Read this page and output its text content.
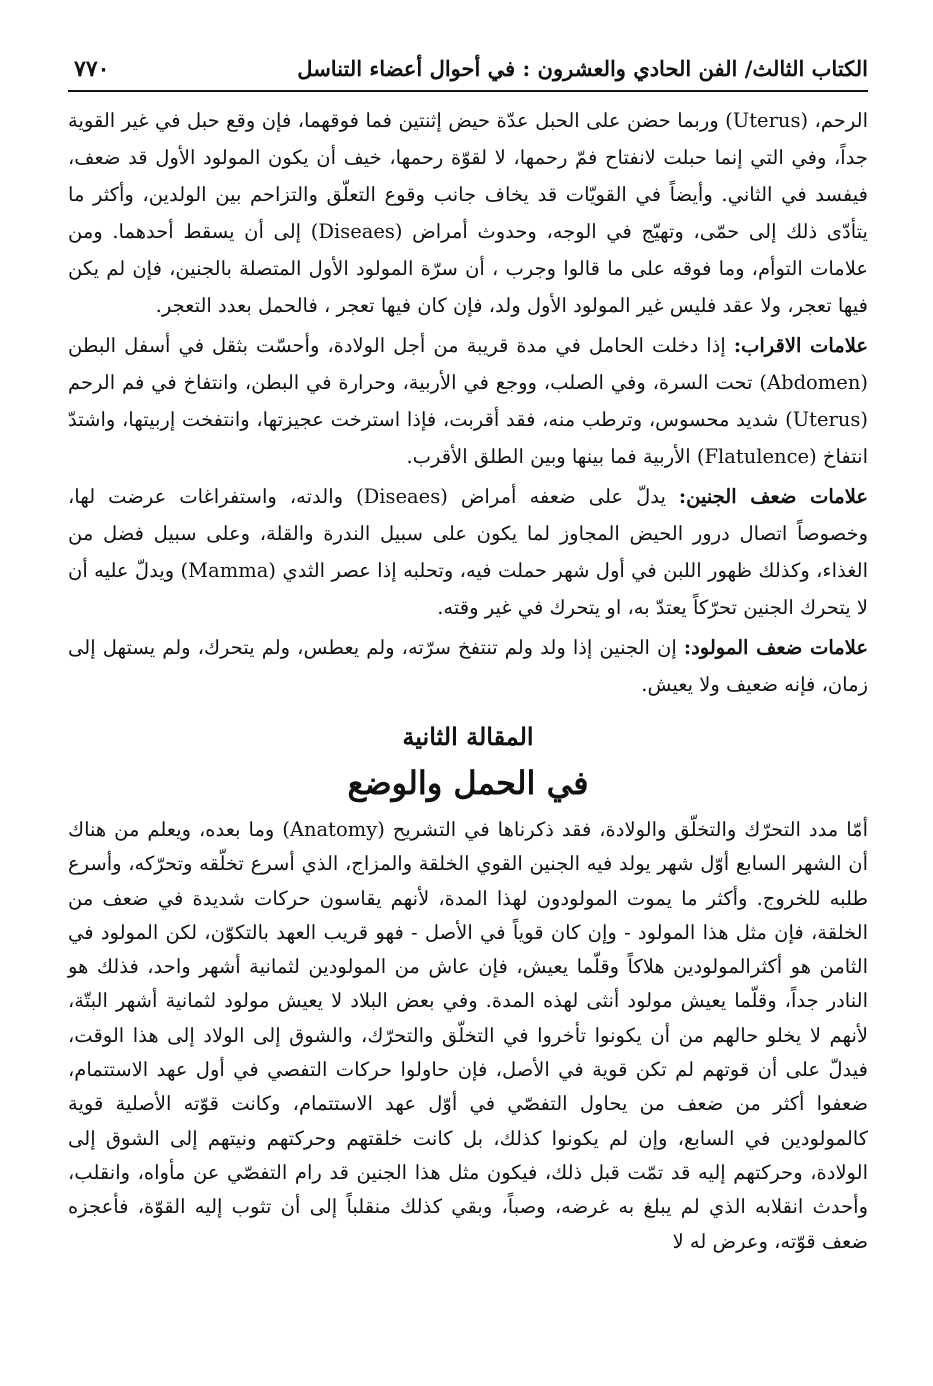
الكتاب الثالث/ الفن الحادي والعشرون : في أحوال أعضاء التناسل
٧٧٠

الرحم، (Uterus) وربما حضن على الحبل عدّة حيض إثنتين فما فوقهما، فإن وقع حبل في غير القوية جداً، وفي التي إنما حبلت لانفتاح فمّ رحمها، لا لقوّة رحمها، خيف أن يكون المولود الأول قد ضعف، فيفسد في الثاني. وأيضاً في القويّات قد يخاف جانب وقوع التعلّق والتزاحم بين الولدين، وأكثر ما يتأدّى ذلك إلى حمّى، وتهيّج في الوجه، وحدوث أمراض (Diseaes) إلى أن يسقط أحدهما. ومن علامات التوأم، وما فوقه على ما قالوا وجرب ، أن سرّة المولود الأول المتصلة بالجنين، فإن لم يكن فيها تعجر، ولا عقد فليس غير المولود الأول ولد، فإن كان فيها تعجر ، فالحمل بعدد التعجر.

علامات الاقراب: إذا دخلت الحامل في مدة قريبة من أجل الولادة، وأحسّت بثقل في أسفل البطن (Abdomen) تحت السرة، وفي الصلب، ووجع في الأربية، وحرارة في البطن، وانتفاخ في فم الرحم (Uterus) شديد محسوس، وترطب منه، فقد أقربت، فإذا استرخت عجيزتها، وانتفخت إربيتها، واشتدّ انتفاخ (Flatulence) الأربية فما بينها وبين الطلق الأقرب.

علامات ضعف الجنين: يدلّ على ضعفه أمراض (Diseaes) والدته، واستفراغات عرضت لها، وخصوصاً اتصال درور الحيض المجاوز لما يكون على سبيل الندرة والقلة، وعلى سبيل فضل من الغذاء، وكذلك ظهور اللبن في أول شهر حملت فيه، وتحلبه إذا عصر الثدي (Mamma) ويدلّ عليه أن لا يتحرك الجنين تحرّكاً يعتدّ به، او يتحرك في غير وقته.

علامات ضعف المولود: إن الجنين إذا ولد ولم تنتفخ سرّته، ولم يعطس، ولم يتحرك، ولم يستهل إلى زمان، فإنه ضعيف ولا يعيش.

المقالة الثانية
في الحمل والوضع

أمّا مدد التحرّك والتخلّق والولادة، فقد ذكرناها في التشريح (Anatomy) وما بعده، ويعلم من هناك أن الشهر السابع أوّل شهر يولد فيه الجنين القوي الخلقة والمزاج، الذي أسرع تخلّقه وتحرّكه، وأسرع طلبه للخروج. وأكثر ما يموت المولودون لهذا المدة، لأنهم يقاسون حركات شديدة في ضعف من الخلقة، فإن مثل هذا المولود - وإن كان قوياً في الأصل - فهو قريب العهد بالتكوّن، لكن المولود في الثامن هو أكثرالمولودين هلاكاً وقلّما يعيش، فإن عاش من المولودين لثمانية أشهر واحد، فذلك هو النادر جداً، وقلّما يعيش مولود أنثى لهذه المدة. وفي بعض البلاد لا يعيش مولود لثمانية أشهر البتّة، لأنهم لا يخلو حالهم من أن يكونوا تأخروا في التخلّق والتحرّك، والشوق إلى الولاد إلى هذا الوقت، فيدلّ على أن قوتهم لم تكن قوية في الأصل، فإن حاولوا حركات التفصي في أول عهد الاستتمام، ضعفوا أكثر من ضعف من يحاول التفصّي في أوّل عهد الاستتمام، وكانت قوّته الأصلية قوية كالمولودين في السابع، وإن لم يكونوا كذلك، بل كانت خلقتهم وحركتهم ونيتهم إلى الشوق إلى الولادة، وحركتهم إليه قد تمّت قبل ذلك، فيكون مثل هذا الجنين قد رام التفصّي عن مأواه، وانقلب، وأحدث انقلابه الذي لم يبلغ به غرضه، وصباً، وبقي كذلك منقلباً إلى أن تثوب إليه القوّة، فأعجزه ضعف قوّته، وعرض له لا
